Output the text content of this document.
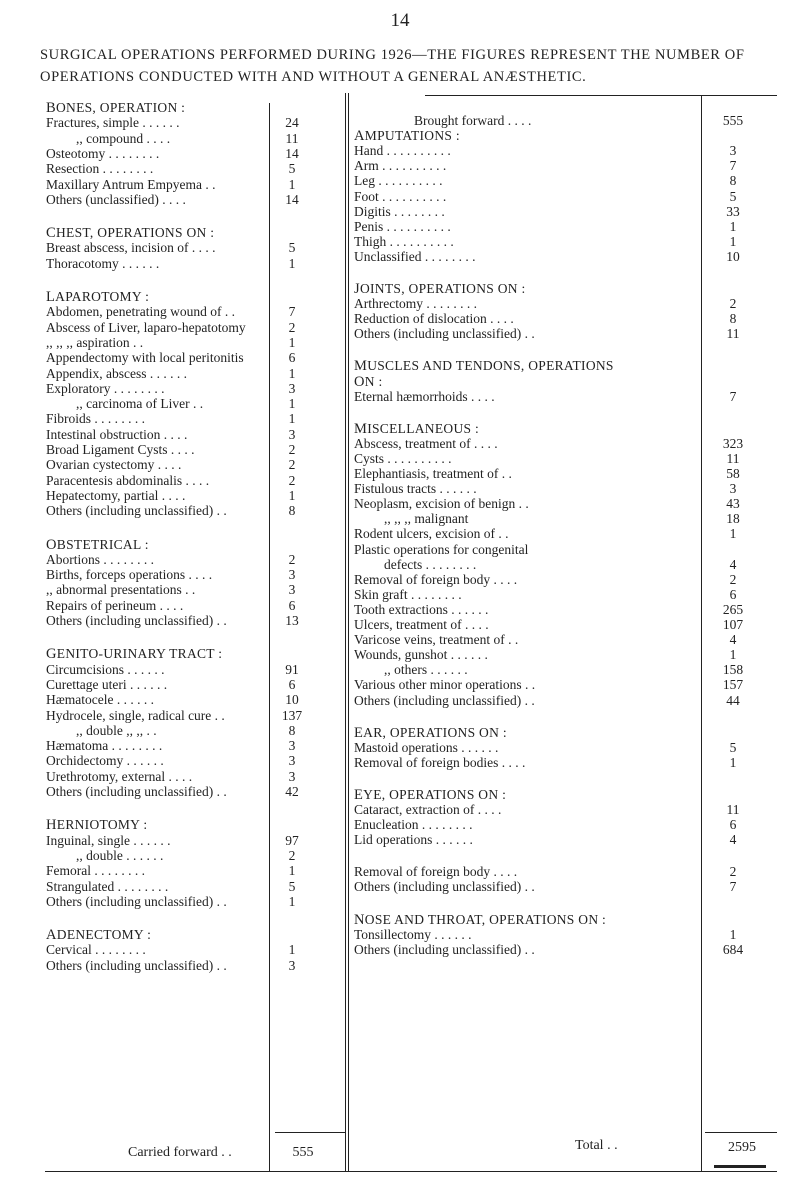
14
SURGICAL OPERATIONS PERFORMED DURING 1926—THE FIGURES REPRESENT THE NUMBER OF OPERATIONS CONDUCTED WITH AND WITHOUT A GENERAL ANÆSTHETIC.
BONES, OPERATION :
Fractures, simple . . . . . .	24
,, compound . . . .	11
Osteotomy . . . . . . . .	14
Resection . . . . . . . .	5
Maxillary Antrum Empyema . .	1
Others (unclassified) . . . .	14
CHEST, OPERATIONS ON :
Breast abscess, incision of . . . .	5
Thoracotomy . . . . . .	1
LAPAROTOMY :
Abdomen, penetrating wound of . .	7
Abscess of Liver, laparo-hepatotomy	2
,, ,, ,, aspiration . .	1
Appendectomy with local peritonitis	6
Appendix, abscess . . . . . .	1
Exploratory . . . . . . . .	3
,, carcinoma of Liver . .	1
Fibroids . . . . . . . .	1
Intestinal obstruction . . . .	3
Broad Ligament Cysts . . . .	2
Ovarian cystectomy . . . .	2
Paracentesis abdominalis . . . .	2
Hepatectomy, partial . . . .	1
Others (including unclassified) . .	8
OBSTETRICAL :
Abortions . . . . . . . .	2
Births, forceps operations . . . .	3
,, abnormal presentations . .	3
Repairs of perineum . . . .	6
Others (including unclassified) . .	13
GENITO-URINARY TRACT :
Circumcisions . . . . . .	91
Curettage uteri . . . . . .	6
Hæmatocele . . . . . .	10
Hydrocele, single, radical cure . .	137
,, double ,, ,, . .	8
Hæmatoma . . . . . . . .	3
Orchidectomy . . . . . .	3
Urethrotomy, external . . . .	3
Others (including unclassified) . .	42
HERNIOTOMY :
Inguinal, single . . . . . .	97
,, double . . . . . .	2
Femoral . . . . . . . .	1
Strangulated . . . . . . . .	5
Others (including unclassified) . .	1
ADENECTOMY :
Cervical . . . . . . . .	1
Others (including unclassified) . .	3
Brought forward . . . .	555
AMPUTATIONS :
Hand . . . . . . . . . .	3
Arm . . . . . . . . . .	7
Leg . . . . . . . . . .	8
Foot . . . . . . . . . .	5
Digitis . . . . . . . .	33
Penis . . . . . . . . . .	1
Thigh . . . . . . . . . .	1
Unclassified . . . . . . . .	10
JOINTS, OPERATIONS ON :
Arthrectomy . . . . . . . .	2
Reduction of dislocation . . . .	8
Others (including unclassified) . .	11
MUSCLES AND TENDONS, OPERATIONS
ON :
Eternal hæmorrhoids . . . .	7
MISCELLANEOUS :
Abscess, treatment of . . . .	323
Cysts . . . . . . . . . .	11
Elephantiasis, treatment of . .	58
Fistulous tracts . . . . . .	3
Neoplasm, excision of benign . .	43
,, ,, ,, malignant	18
Rodent ulcers, excision of . .	1
Plastic operations for congenital
defects . . . . . . . .	4
Removal of foreign body . . . .	2
Skin graft . . . . . . . .	6
Tooth extractions . . . . . .	265
Ulcers, treatment of . . . .	107
Varicose veins, treatment of . .	4
Wounds, gunshot . . . . . .	1
,, others . . . . . .	158
Various other minor operations . .	157
Others (including unclassified) . .	44
EAR, OPERATIONS ON :
Mastoid operations . . . . . .	5
Removal of foreign bodies . . . .	1
EYE, OPERATIONS ON :
Cataract, extraction of . . . .	11
Enucleation . . . . . . . .	6
Lid operations . . . . . .	4
Removal of foreign body . . . .	2
Others (including unclassified) . .	7
NOSE AND THROAT, OPERATIONS ON :
Tonsillectomy . . . . . .	1
Others (including unclassified) . .	684
Carried forward . .	555	Total . .	2595
